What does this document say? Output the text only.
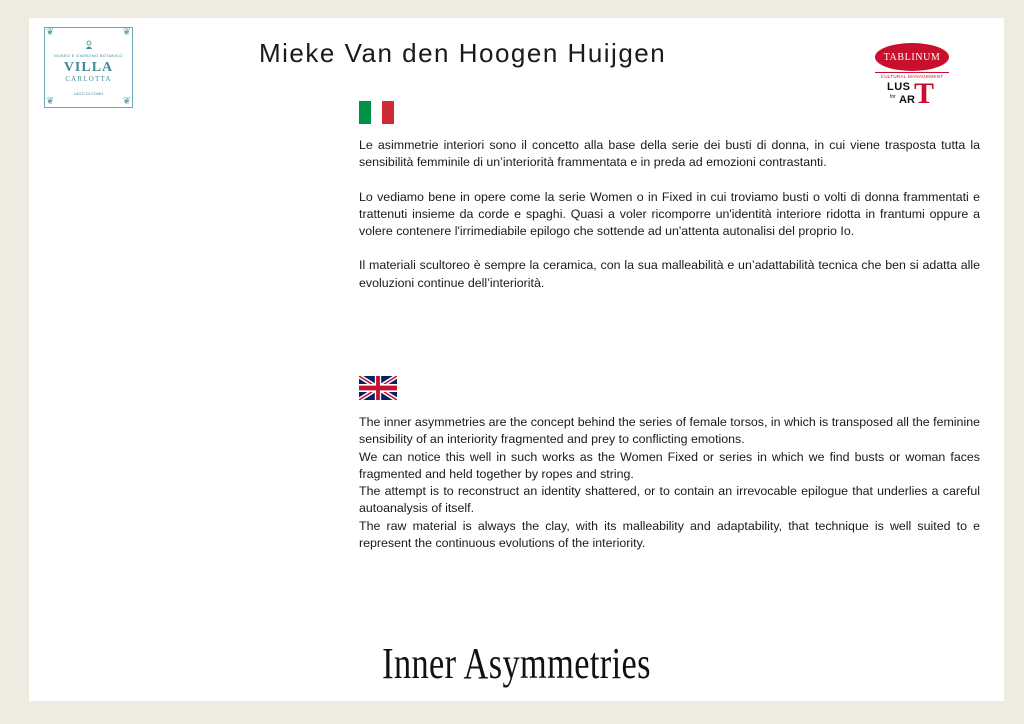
❦	❦
❦	❦
MUSEO E GIARDINO BOTANICO
VILLA
CARLOTTA
LAGO DI COMO
Mieke Van den Hoogen Huijgen	TABLINUM
CULTURAL MANAGEMENT
LUS
for AR T

Le asimmetrie interiori sono il concetto alla base della serie dei busti di donna, in cui viene trasposta tutta la sensibilità femminile di un’interiorità frammentata e in preda ad emozioni contrastanti.

Lo vediamo bene in opere come la serie Women o in Fixed in cui troviamo busti o volti di donna frammentati e trattenuti insieme da corde e spaghi. Quasi a voler ricomporre un'identità interiore ridotta in frantumi oppure a volere contenere l'irrimediabile epilogo che sottende ad un'attenta autonalisi del proprio Io.

Il materiali scultoreo è sempre la ceramica, con la sua malleabilità e un’adattabilità tecnica che ben si adatta alle evoluzioni continue dell’interiorità.

The inner asymmetries are the concept behind the series of female torsos, in which is transposed all the feminine sensibility of an interiority fragmented and prey to conflicting emotions.

We can notice this well in such works as the Women Fixed or series in which we find busts or woman faces fragmented and held together by ropes and string.

The attempt is to reconstruct an identity shattered, or to contain an irrevocable epilogue that underlies a careful autoanalysis of itself.

The raw material is always the clay, with its malleability and adaptability, that technique is well suited to e represent the continuous evolutions of the interiority.

Inner Asymmetries
